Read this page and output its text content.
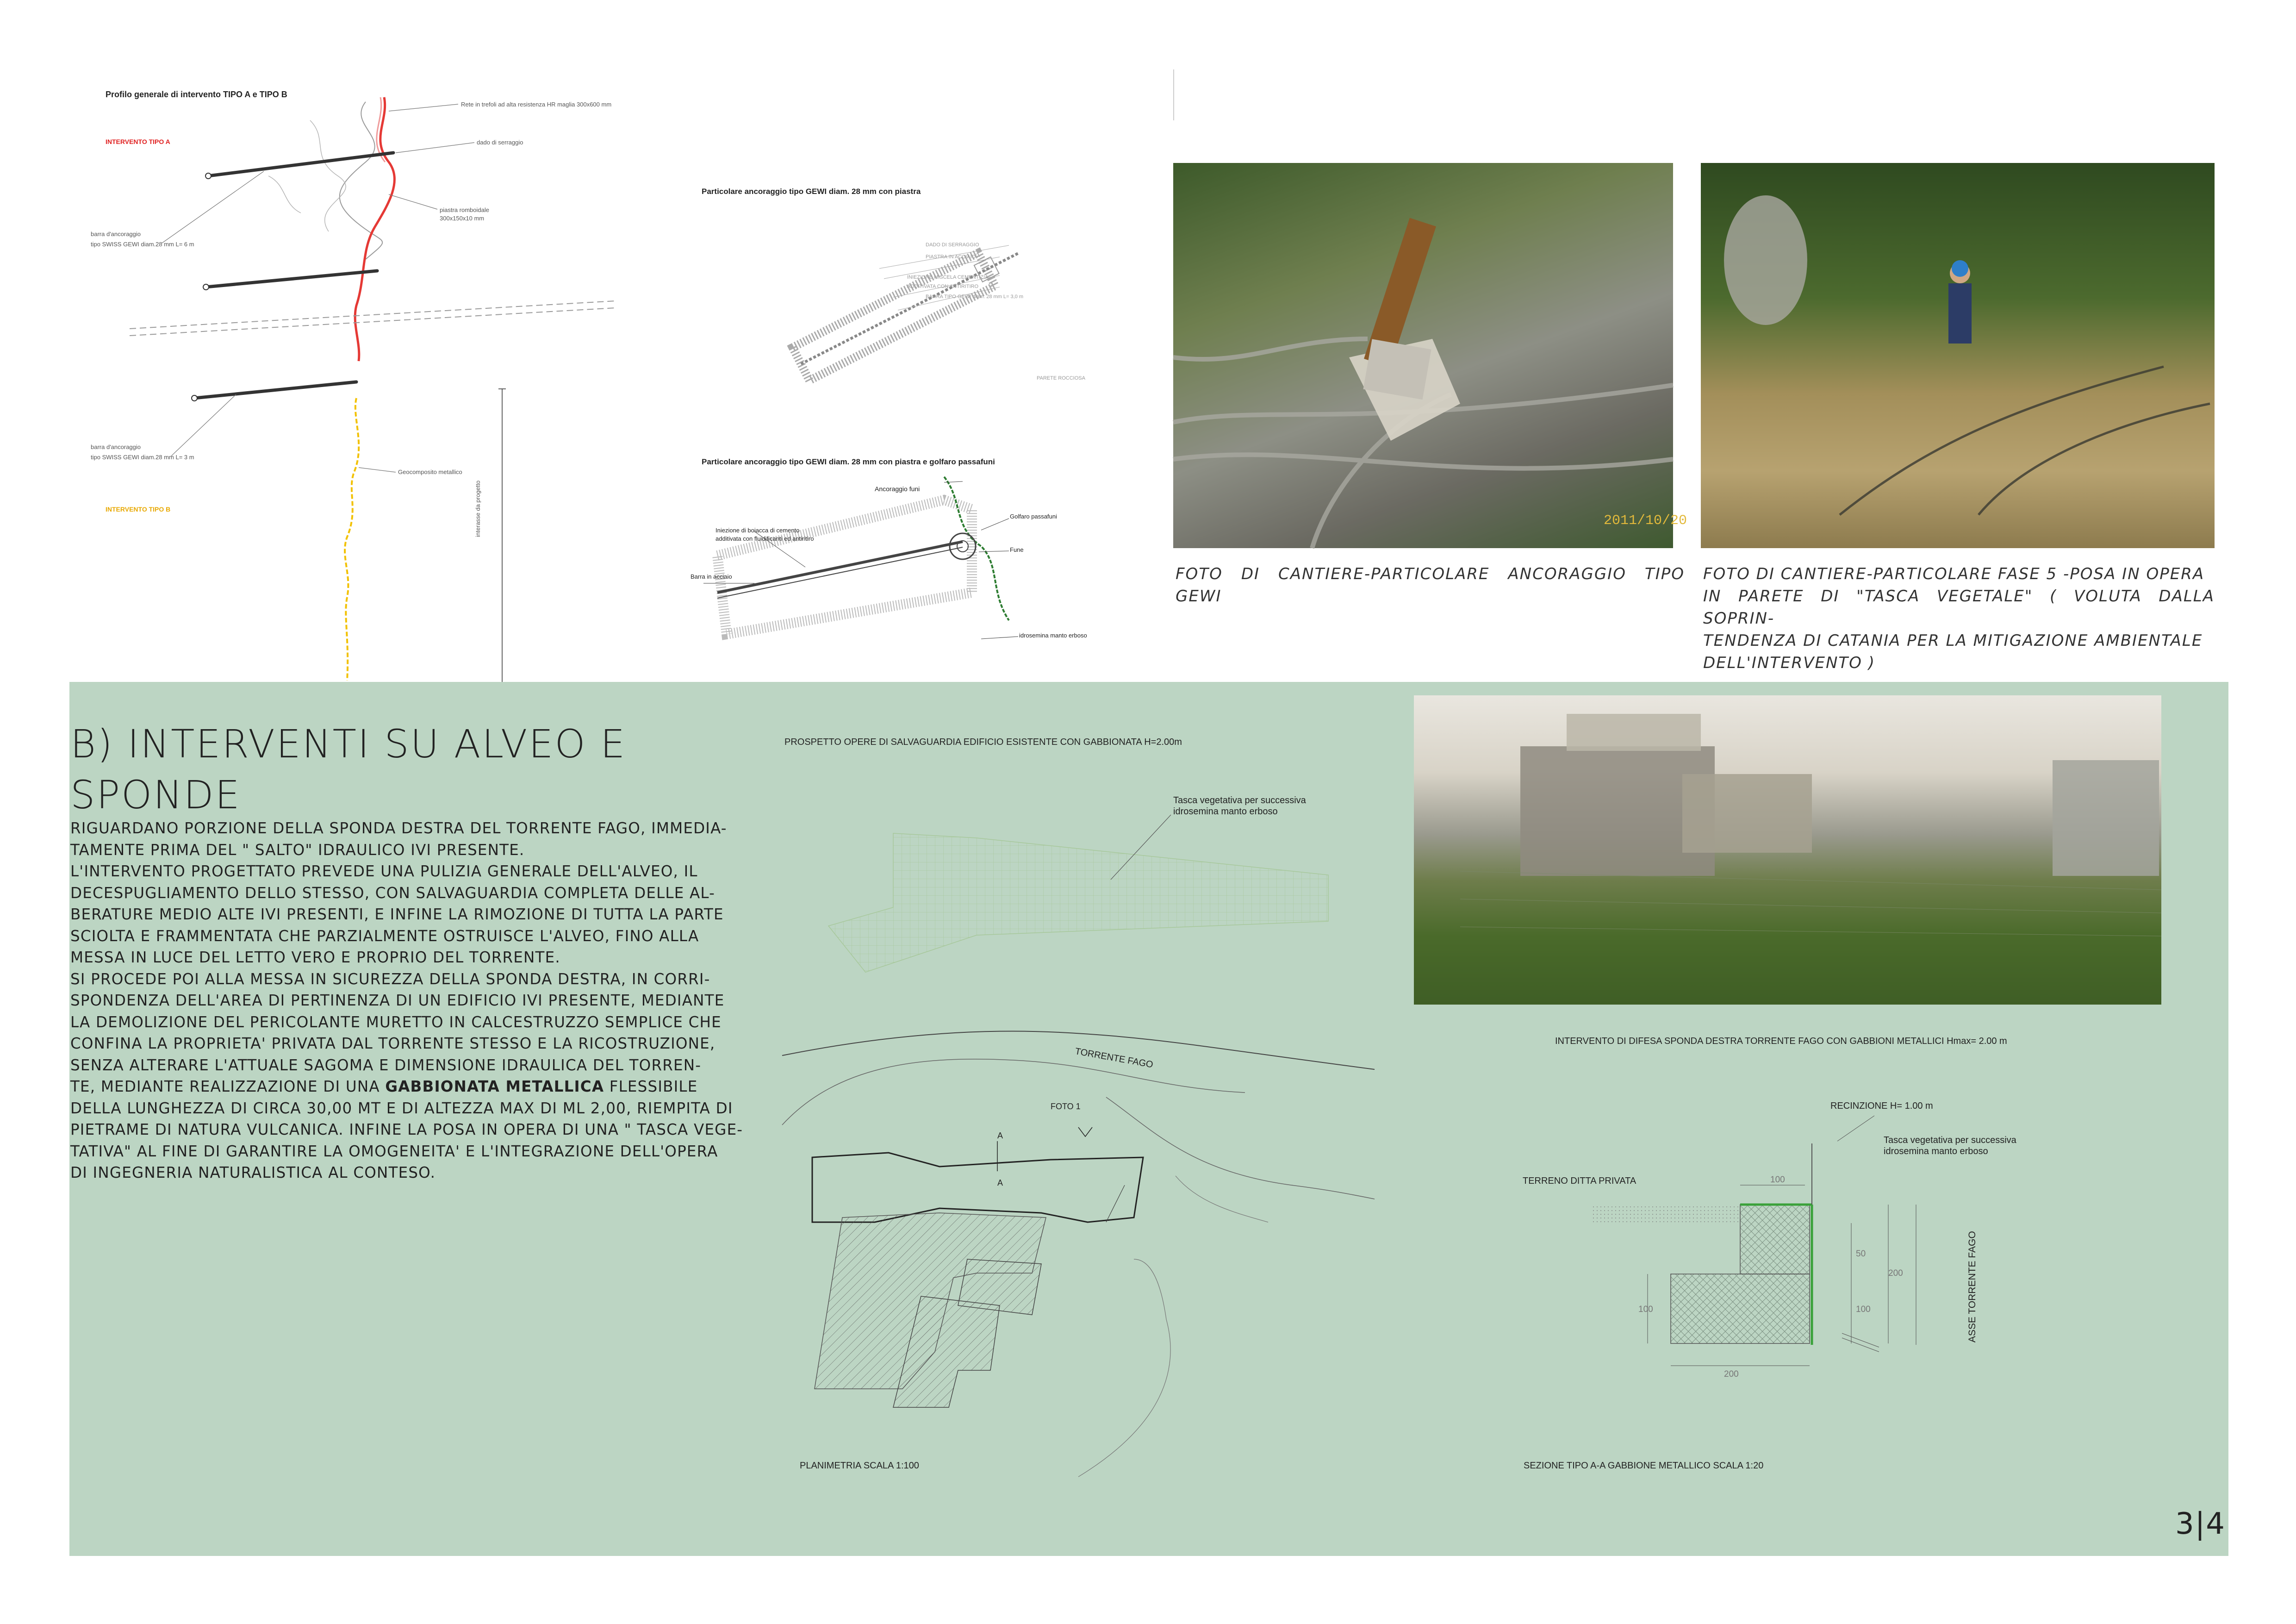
Profilo generale di intervento TIPO A e TIPO B
INTERVENTO TIPO A
INTERVENTO TIPO B
Rete in trefoli ad alta resistenza HR maglia 300x600 mm
dado di serraggio
piastra romboidale
300x150x10 mm
barra d'ancoraggio
tipo SWISS GEWI diam.28 mm L= 6 m
barra d'ancoraggio
tipo SWISS GEWI diam.28 mm L= 3 m
Geocomposito metallico
interasse da progetto
Particolare ancoraggio tipo GEWI diam. 28 mm con piastra
Particolare ancoraggio tipo GEWI diam. 28 mm con piastra e golfaro passafuni
DADO DI SERRAGGIO
PIASTRA IN ACCIAIO
INIEZIONE MISCELA CEMENTIZIA
ADDITIVATA CON ANTIRITIRO
BARRA TIPO GEWI diam. 28 mm L= 3,0 m
PARETE ROCCIOSA
Ancoraggio funi
Iniezione di boiacca di cemento
additivata con fluidificanti ed antiritiro
Golfaro passafuni
Fune
Barra in acciaio
idrosemina manto erboso
2011/10/20
FOTO DI CANTIERE-PARTICOLARE ANCORAGGIO TIPO GEWI
FOTO DI CANTIERE-PARTICOLARE FASE 5 -POSA IN OPERA
IN PARETE DI "TASCA VEGETALE" ( VOLUTA DALLA SOPRIN-
TENDENZA DI CATANIA PER LA MITIGAZIONE AMBIENTALE
DELL'INTERVENTO )
B) INTERVENTI SU ALVEO E
SPONDE
RIGUARDANO PORZIONE DELLA SPONDA DESTRA DEL TORRENTE FAGO, IMMEDIA-
TAMENTE PRIMA DEL " SALTO" IDRAULICO IVI PRESENTE.
L'INTERVENTO PROGETTATO PREVEDE UNA PULIZIA GENERALE DELL'ALVEO, IL
DECESPUGLIAMENTO DELLO STESSO, CON SALVAGUARDIA COMPLETA DELLE AL-
BERATURE MEDIO ALTE IVI PRESENTI, E INFINE LA RIMOZIONE DI TUTTA LA PARTE
SCIOLTA E FRAMMENTATA CHE PARZIALMENTE OSTRUISCE L'ALVEO, FINO ALLA
MESSA IN LUCE DEL LETTO VERO E PROPRIO DEL TORRENTE.
SI PROCEDE POI ALLA MESSA IN SICUREZZA DELLA SPONDA DESTRA, IN CORRI-
SPONDENZA DELL'AREA DI PERTINENZA DI UN EDIFICIO IVI PRESENTE, MEDIANTE
LA DEMOLIZIONE DEL PERICOLANTE MURETTO IN CALCESTRUZZO SEMPLICE CHE
CONFINA LA PROPRIETA' PRIVATA DAL TORRENTE STESSO E LA RICOSTRUZIONE,
SENZA ALTERARE L'ATTUALE SAGOMA E DIMENSIONE IDRAULICA DEL TORREN-
TE, MEDIANTE REALIZZAZIONE DI UNA GABBIONATA METALLICA FLESSIBILE
DELLA LUNGHEZZA DI CIRCA 30,00 MT E DI ALTEZZA MAX DI ML 2,00, RIEMPITA DI
PIETRAME DI NATURA VULCANICA. INFINE LA POSA IN OPERA DI UNA " TASCA VEGE-
TATIVA" AL FINE DI GARANTIRE LA OMOGENEITA' E L'INTEGRAZIONE DELL'OPERA
DI INGEGNERIA NATURALISTICA AL CONTESO.
PROSPETTO OPERE DI SALVAGUARDIA EDIFICIO ESISTENTE CON GABBIONATA H=2.00m
Tasca vegetativa per successiva
idrosemina manto erboso
TORRENTE FAGO
FOTO 1
A
A
PLANIMETRIA SCALA 1:100
INTERVENTO DI DIFESA SPONDA DESTRA TORRENTE FAGO CON GABBIONI METALLICI Hmax= 2.00 m
RECINZIONE H= 1.00 m
Tasca vegetativa per successiva
idrosemina manto erboso
TERRENO DITTA PRIVATA	100
50
200
100	100
200
ASSE TORRENTE FAGO
SEZIONE TIPO A-A GABBIONE METALLICO SCALA 1:20
3|4
